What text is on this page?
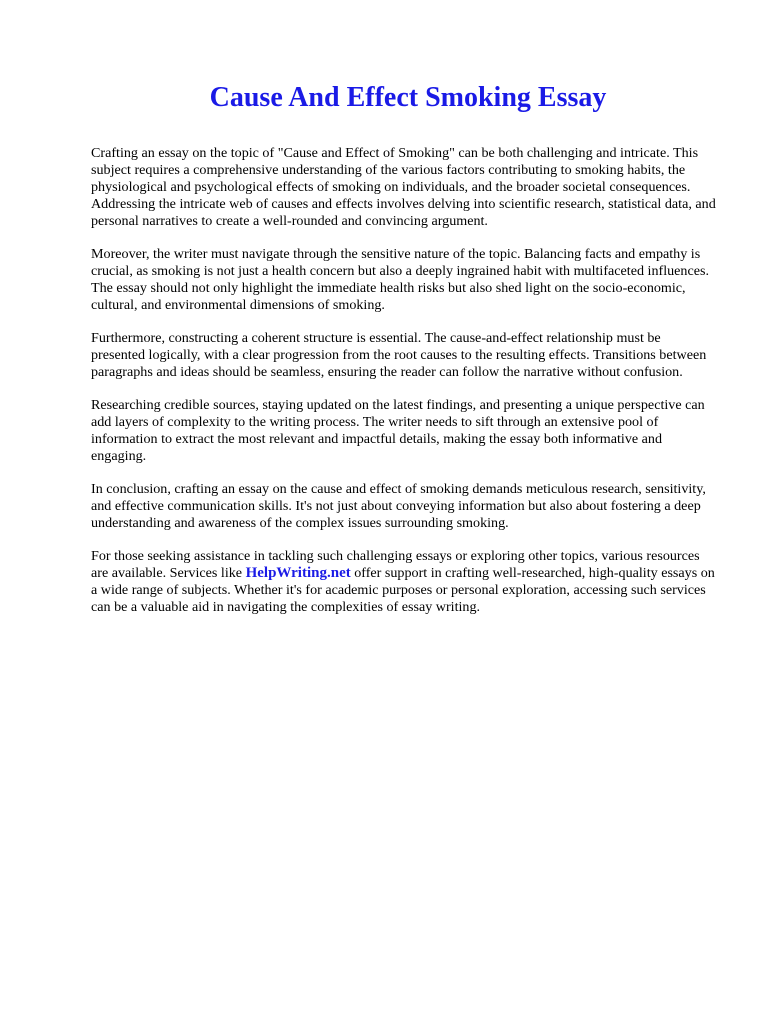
Cause And Effect Smoking Essay

Crafting an essay on the topic of "Cause and Effect of Smoking" can be both challenging and intricate. This subject requires a comprehensive understanding of the various factors contributing to smoking habits, the physiological and psychological effects of smoking on individuals, and the broader societal consequences. Addressing the intricate web of causes and effects involves delving into scientific research, statistical data, and personal narratives to create a well-rounded and convincing argument.

Moreover, the writer must navigate through the sensitive nature of the topic. Balancing facts and empathy is crucial, as smoking is not just a health concern but also a deeply ingrained habit with multifaceted influences. The essay should not only highlight the immediate health risks but also shed light on the socio-economic, cultural, and environmental dimensions of smoking.

Furthermore, constructing a coherent structure is essential. The cause-and-effect relationship must be presented logically, with a clear progression from the root causes to the resulting effects. Transitions between paragraphs and ideas should be seamless, ensuring the reader can follow the narrative without confusion.

Researching credible sources, staying updated on the latest findings, and presenting a unique perspective can add layers of complexity to the writing process. The writer needs to sift through an extensive pool of information to extract the most relevant and impactful details, making the essay both informative and engaging.

In conclusion, crafting an essay on the cause and effect of smoking demands meticulous research, sensitivity, and effective communication skills. It's not just about conveying information but also about fostering a deep understanding and awareness of the complex issues surrounding smoking.

For those seeking assistance in tackling such challenging essays or exploring other topics, various resources are available. Services like HelpWriting.net offer support in crafting well-researched, high-quality essays on a wide range of subjects. Whether it's for academic purposes or personal exploration, accessing such services can be a valuable aid in navigating the complexities of essay writing.
